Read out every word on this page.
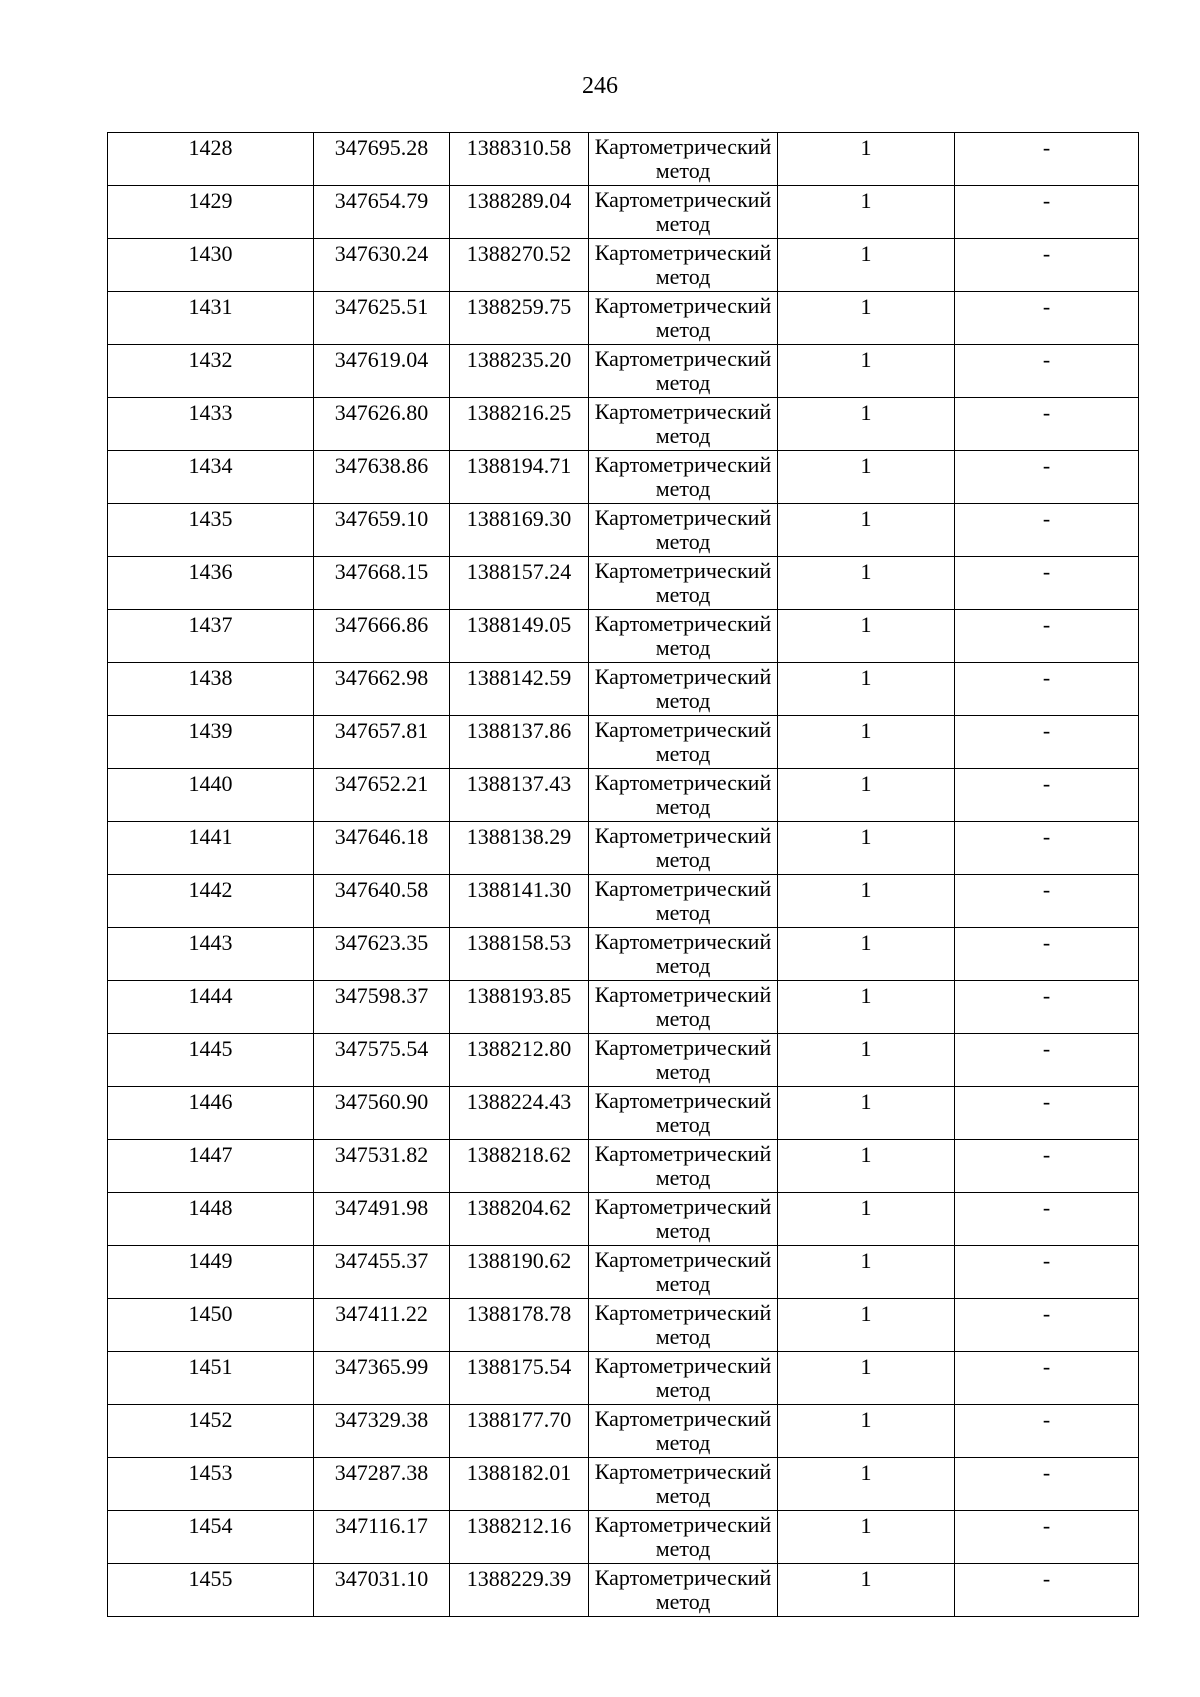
246
1428	347695.28	1388310.58	Картометрический метод	1	-
1429	347654.79	1388289.04	Картометрический метод	1	-
1430	347630.24	1388270.52	Картометрический метод	1	-
1431	347625.51	1388259.75	Картометрический метод	1	-
1432	347619.04	1388235.20	Картометрический метод	1	-
1433	347626.80	1388216.25	Картометрический метод	1	-
1434	347638.86	1388194.71	Картометрический метод	1	-
1435	347659.10	1388169.30	Картометрический метод	1	-
1436	347668.15	1388157.24	Картометрический метод	1	-
1437	347666.86	1388149.05	Картометрический метод	1	-
1438	347662.98	1388142.59	Картометрический метод	1	-
1439	347657.81	1388137.86	Картометрический метод	1	-
1440	347652.21	1388137.43	Картометрический метод	1	-
1441	347646.18	1388138.29	Картометрический метод	1	-
1442	347640.58	1388141.30	Картометрический метод	1	-
1443	347623.35	1388158.53	Картометрический метод	1	-
1444	347598.37	1388193.85	Картометрический метод	1	-
1445	347575.54	1388212.80	Картометрический метод	1	-
1446	347560.90	1388224.43	Картометрический метод	1	-
1447	347531.82	1388218.62	Картометрический метод	1	-
1448	347491.98	1388204.62	Картометрический метод	1	-
1449	347455.37	1388190.62	Картометрический метод	1	-
1450	347411.22	1388178.78	Картометрический метод	1	-
1451	347365.99	1388175.54	Картометрический метод	1	-
1452	347329.38	1388177.70	Картометрический метод	1	-
1453	347287.38	1388182.01	Картометрический метод	1	-
1454	347116.17	1388212.16	Картометрический метод	1	-
1455	347031.10	1388229.39	Картометрический метод	1	-
